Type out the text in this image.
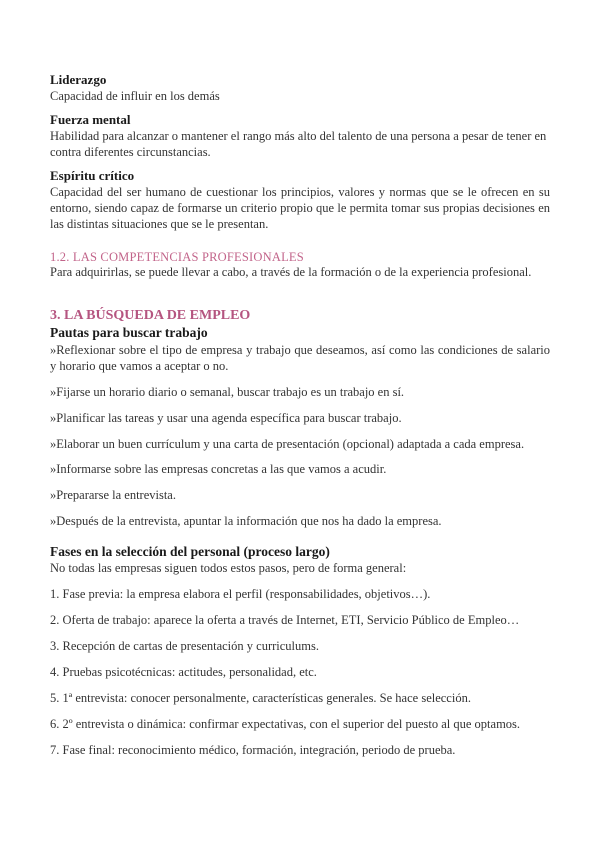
Liderazgo
Capacidad de influir en los demás
Fuerza mental
Habilidad para alcanzar o mantener el rango más alto del talento de una persona a pesar de tener en contra diferentes circunstancias.
Espíritu crítico
Capacidad del ser humano de cuestionar los principios, valores y normas que se le ofrecen en su entorno, siendo capaz de formarse un criterio propio que le permita tomar sus propias decisiones en las distintas situaciones que se le presentan.
1.2. LAS COMPETENCIAS PROFESIONALES
Para adquirirlas, se puede llevar a cabo, a través de la formación o de la experiencia profesional.
3. LA BÚSQUEDA DE EMPLEO
Pautas para buscar trabajo
»Reflexionar sobre el tipo de empresa y trabajo que deseamos, así como las condiciones de salario y horario que vamos a aceptar o no.
»Fijarse un horario diario o semanal, buscar trabajo es un trabajo en sí.
»Planificar las tareas y usar una agenda específica para buscar trabajo.
»Elaborar un buen currículum y una carta de presentación (opcional) adaptada a cada empresa.
»Informarse sobre las empresas concretas a las que vamos a acudir.
»Prepararse la entrevista.
»Después de la entrevista, apuntar la información que nos ha dado la empresa.
Fases en la selección del personal (proceso largo)
No todas las empresas siguen todos estos pasos, pero de forma general:
1. Fase previa: la empresa elabora el perfil (responsabilidades, objetivos…).
2. Oferta de trabajo: aparece la oferta a través de Internet, ETI, Servicio Público de Empleo…
3. Recepción de cartas de presentación y curriculums.
4. Pruebas psicotécnicas: actitudes, personalidad, etc.
5. 1ª entrevista: conocer personalmente, características generales. Se hace selección.
6. 2º entrevista o dinámica: confirmar expectativas, con el superior del puesto al que optamos.
7. Fase final: reconocimiento médico, formación, integración, periodo de prueba.
